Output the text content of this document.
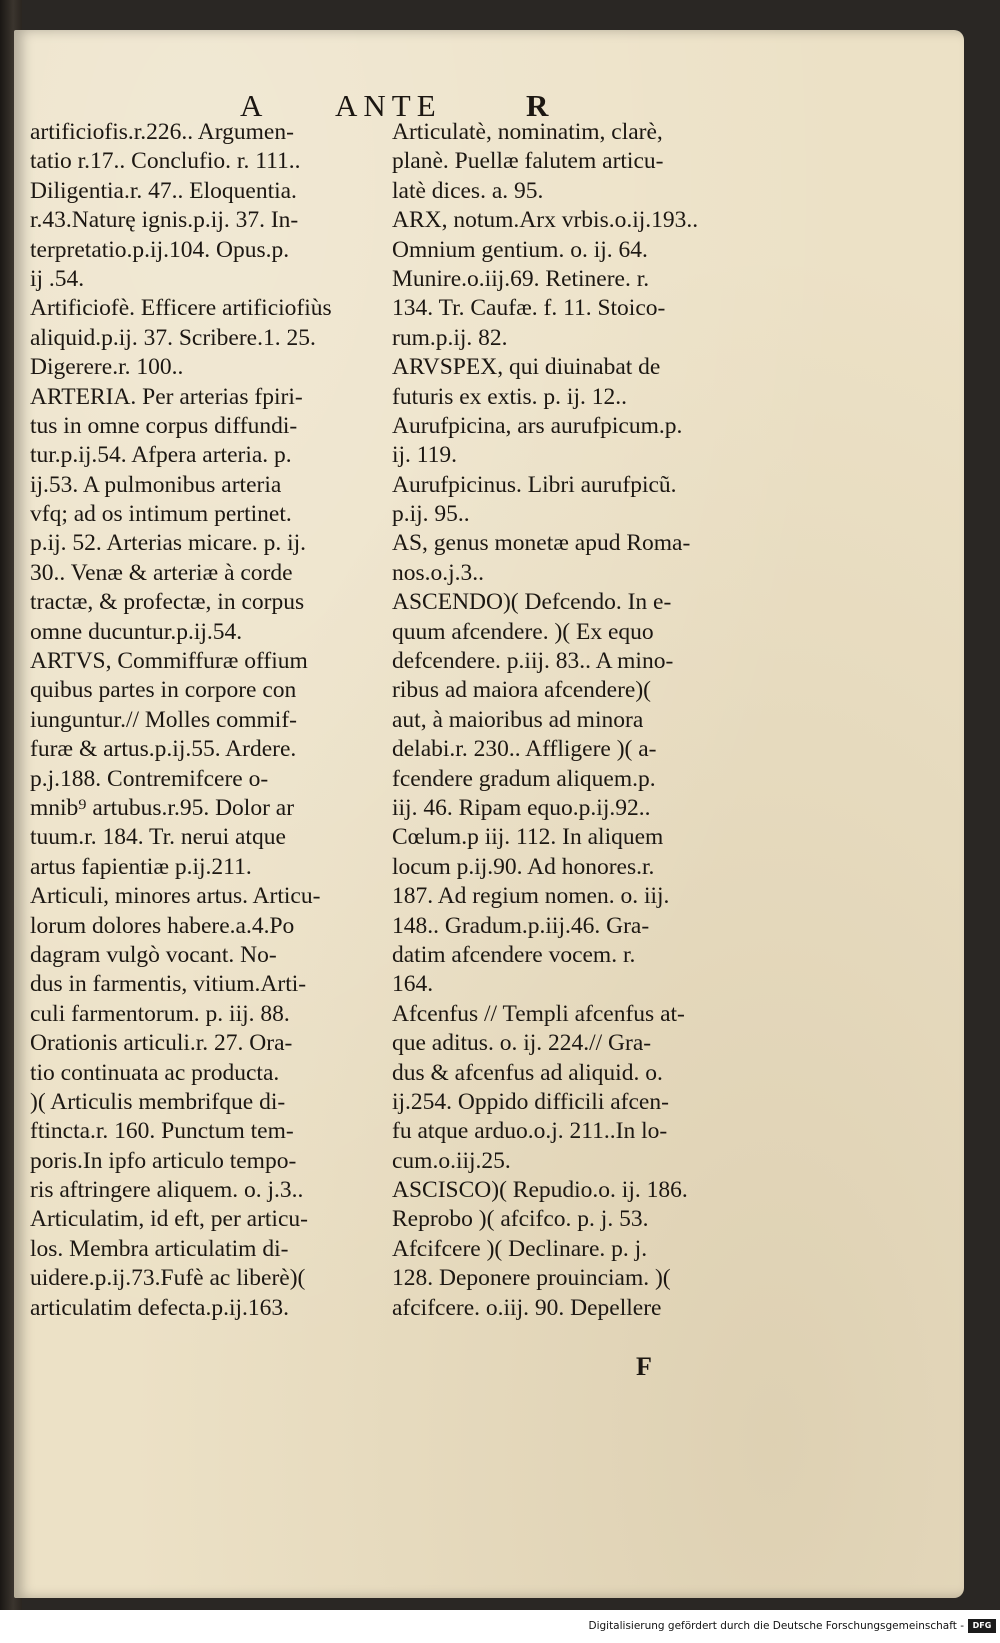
A ANTE	R
artificiofis.r.226.. Argumen-
tatio r.17.. Conclufio. r. 111..
Diligentia.r. 47.. Eloquentia.
r.43.Naturę ignis.p.ij. 37. In-
terpretatio.p.ij.104. Opus.p.
ij .54.
Artificiofè. Efficere artificiofiùs
aliquid.p.ij. 37. Scribere.1. 25.
Digerere.r. 100..
ARTERIA. Per arterias fpiri-
tus in omne corpus diffundi-
tur.p.ij.54. Afpera arteria. p.
ij.53. A pulmonibus arteria
vfq; ad os intimum pertinet.
p.ij. 52. Arterias micare. p. ij.
30.. Venæ & arteriæ à corde
tractæ, & profectæ, in corpus
omne ducuntur.p.ij.54.
ARTVS, Commiffuræ offium
quibus partes in corpore con
iunguntur.// Molles commif-
furæ & artus.p.ij.55. Ardere.
p.j.188. Contremifcere o-
mnib⁹ artubus.r.95. Dolor ar
tuum.r. 184. Tr. nerui atque
artus fapientiæ p.ij.211.
Articuli, minores artus. Articu-
lorum dolores habere.a.4.Po
dagram vulgò vocant. No-
dus in farmentis, vitium.Arti-
culi farmentorum. p. iij. 88.
Orationis articuli.r. 27. Ora-
tio continuata ac producta.
)( Articulis membrifque di-
ftincta.r. 160. Punctum tem-
poris.In ipfo articulo tempo-
ris aftringere aliquem. o. j.3..
Articulatim, id eft, per articu-
los. Membra articulatim di-
uidere.p.ij.73.Fufè ac liberè)(
articulatim defecta.p.ij.163.
Articulatè, nominatim, clarè,
planè. Puellæ falutem articu-
latè dices. a. 95.
ARX, notum.Arx vrbis.o.ij.193..
Omnium gentium. o. ij. 64.
Munire.o.iij.69. Retinere. r.
134. Tr. Caufæ. f. 11. Stoico-
rum.p.ij. 82.
ARVSPEX, qui diuinabat de
futuris ex extis. p. ij. 12..
Aurufpicina, ars aurufpicum.p.
ij. 119.
Aurufpicinus. Libri aurufpicũ.
p.ij. 95..
AS, genus monetæ apud Roma-
nos.o.j.3..
ASCENDO)( Defcendo. In e-
quum afcendere. )( Ex equo
defcendere. p.iij. 83.. A mino-
ribus ad maiora afcendere)(
aut, à maioribus ad minora
delabi.r. 230.. Affligere )( a-
fcendere gradum aliquem.p.
iij. 46. Ripam equo.p.ij.92..
Cœlum.p iij. 112. In aliquem
locum p.ij.90. Ad honores.r.
187. Ad regium nomen. o. iij.
148.. Gradum.p.iij.46. Gra-
datim afcendere vocem. r.
164.
Afcenfus // Templi afcenfus at-
que aditus. o. ij. 224.// Gra-
dus & afcenfus ad aliquid. o.
ij.254. Oppido difficili afcen-
fu atque arduo.o.j. 211..In lo-
cum.o.iij.25.
ASCISCO)( Repudio.o. ij. 186.
Reprobo )( afcifco. p. j. 53.
Afcifcere )( Declinare. p. j.
128. Deponere prouinciam. )(
afcifcere. o.iij. 90. Depellere
F
Digitalisierung gefördert durch die Deutsche Forschungsgemeinschaft -	DFG
